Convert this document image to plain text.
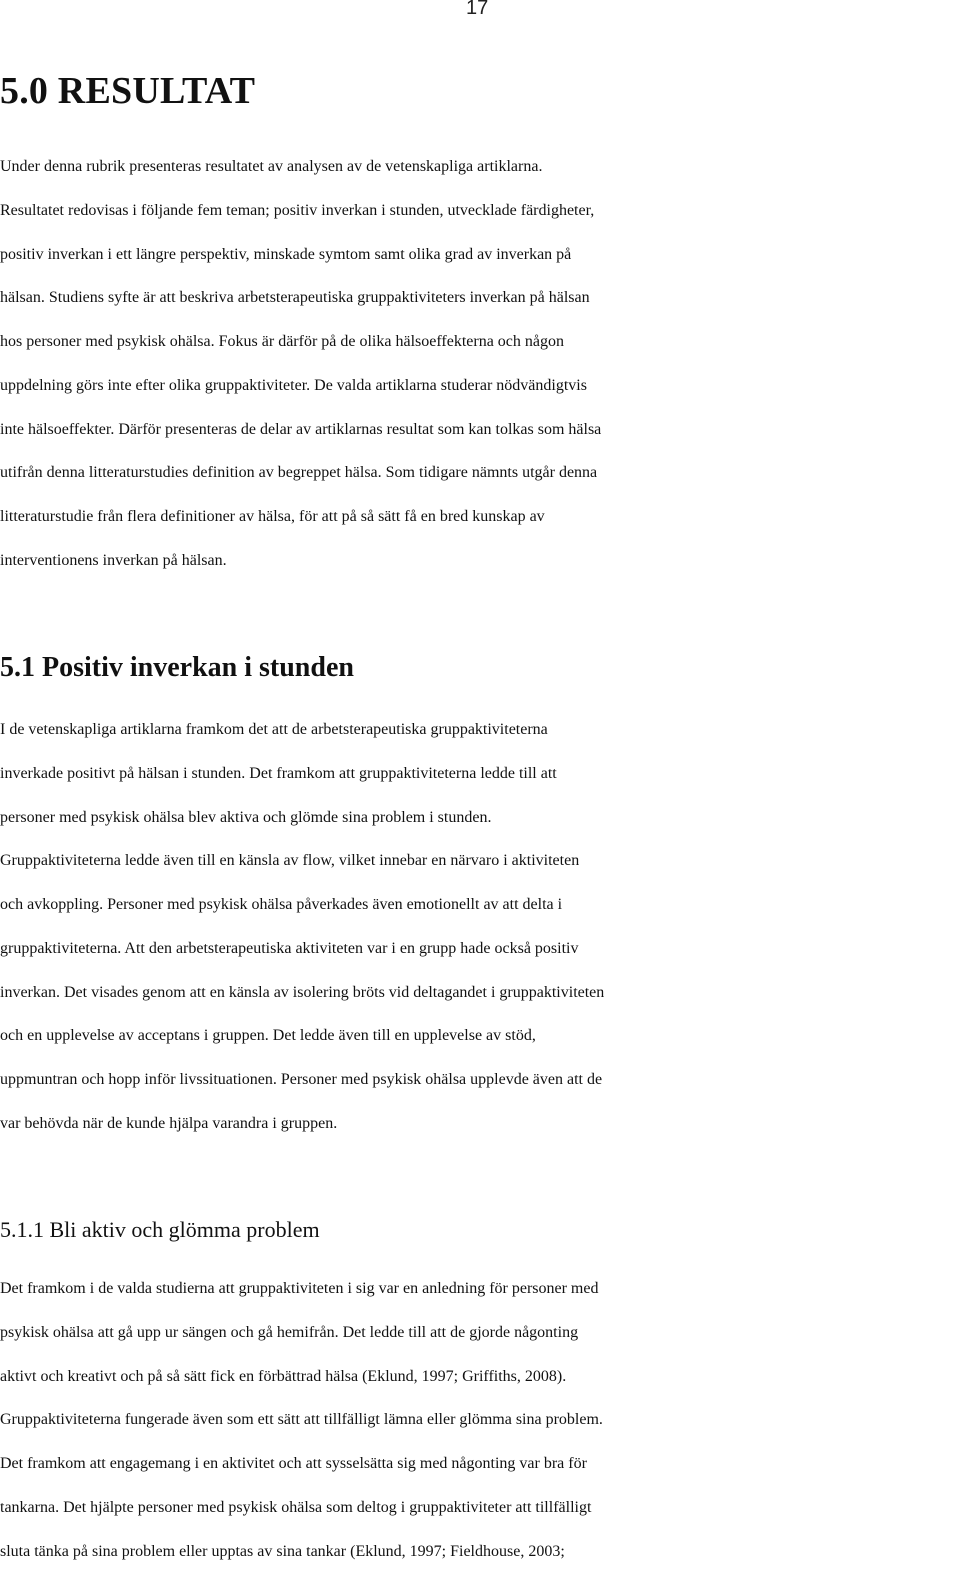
17
5.0 RESULTAT
Under denna rubrik presenteras resultatet av analysen av de vetenskapliga artiklarna.
Resultatet redovisas i följande fem teman; positiv inverkan i stunden, utvecklade färdigheter,
positiv inverkan i ett längre perspektiv, minskade symtom samt olika grad av inverkan på
hälsan. Studiens syfte är att beskriva arbetsterapeutiska gruppaktiviteters inverkan på hälsan
hos personer med psykisk ohälsa. Fokus är därför på de olika hälsoeffekterna och någon
uppdelning görs inte efter olika gruppaktiviteter. De valda artiklarna studerar nödvändigtvis
inte hälsoeffekter. Därför presenteras de delar av artiklarnas resultat som kan tolkas som hälsa
utifrån denna litteraturstudies definition av begreppet hälsa. Som tidigare nämnts utgår denna
litteraturstudie från flera definitioner av hälsa, för att på så sätt få en bred kunskap av
interventionens inverkan på hälsan.
5.1 Positiv inverkan i stunden
I de vetenskapliga artiklarna framkom det att de arbetsterapeutiska gruppaktiviteterna
inverkade positivt på hälsan i stunden. Det framkom att gruppaktiviteterna ledde till att
personer med psykisk ohälsa blev aktiva och glömde sina problem i stunden.
Gruppaktiviteterna ledde även till en känsla av flow, vilket innebar en närvaro i aktiviteten
och avkoppling. Personer med psykisk ohälsa påverkades även emotionellt av att delta i
gruppaktiviteterna. Att den arbetsterapeutiska aktiviteten var i en grupp hade också positiv
inverkan. Det visades genom att en känsla av isolering bröts vid deltagandet i gruppaktiviteten
och en upplevelse av acceptans i gruppen. Det ledde även till en upplevelse av stöd,
uppmuntran och hopp inför livssituationen. Personer med psykisk ohälsa upplevde även att de
var behövda när de kunde hjälpa varandra i gruppen.
5.1.1 Bli aktiv och glömma problem
Det framkom i de valda studierna att gruppaktiviteten i sig var en anledning för personer med
psykisk ohälsa att gå upp ur sängen och gå hemifrån. Det ledde till att de gjorde någonting
aktivt och kreativt och på så sätt fick en förbättrad hälsa (Eklund, 1997; Griffiths, 2008).
Gruppaktiviteterna fungerade även som ett sätt att tillfälligt lämna eller glömma sina problem.
Det framkom att engagemang i en aktivitet och att sysselsätta sig med någonting var bra för
tankarna. Det hjälpte personer med psykisk ohälsa som deltog i gruppaktiviteter att tillfälligt
sluta tänka på sina problem eller upptas av sina tankar (Eklund, 1997; Fieldhouse, 2003;
